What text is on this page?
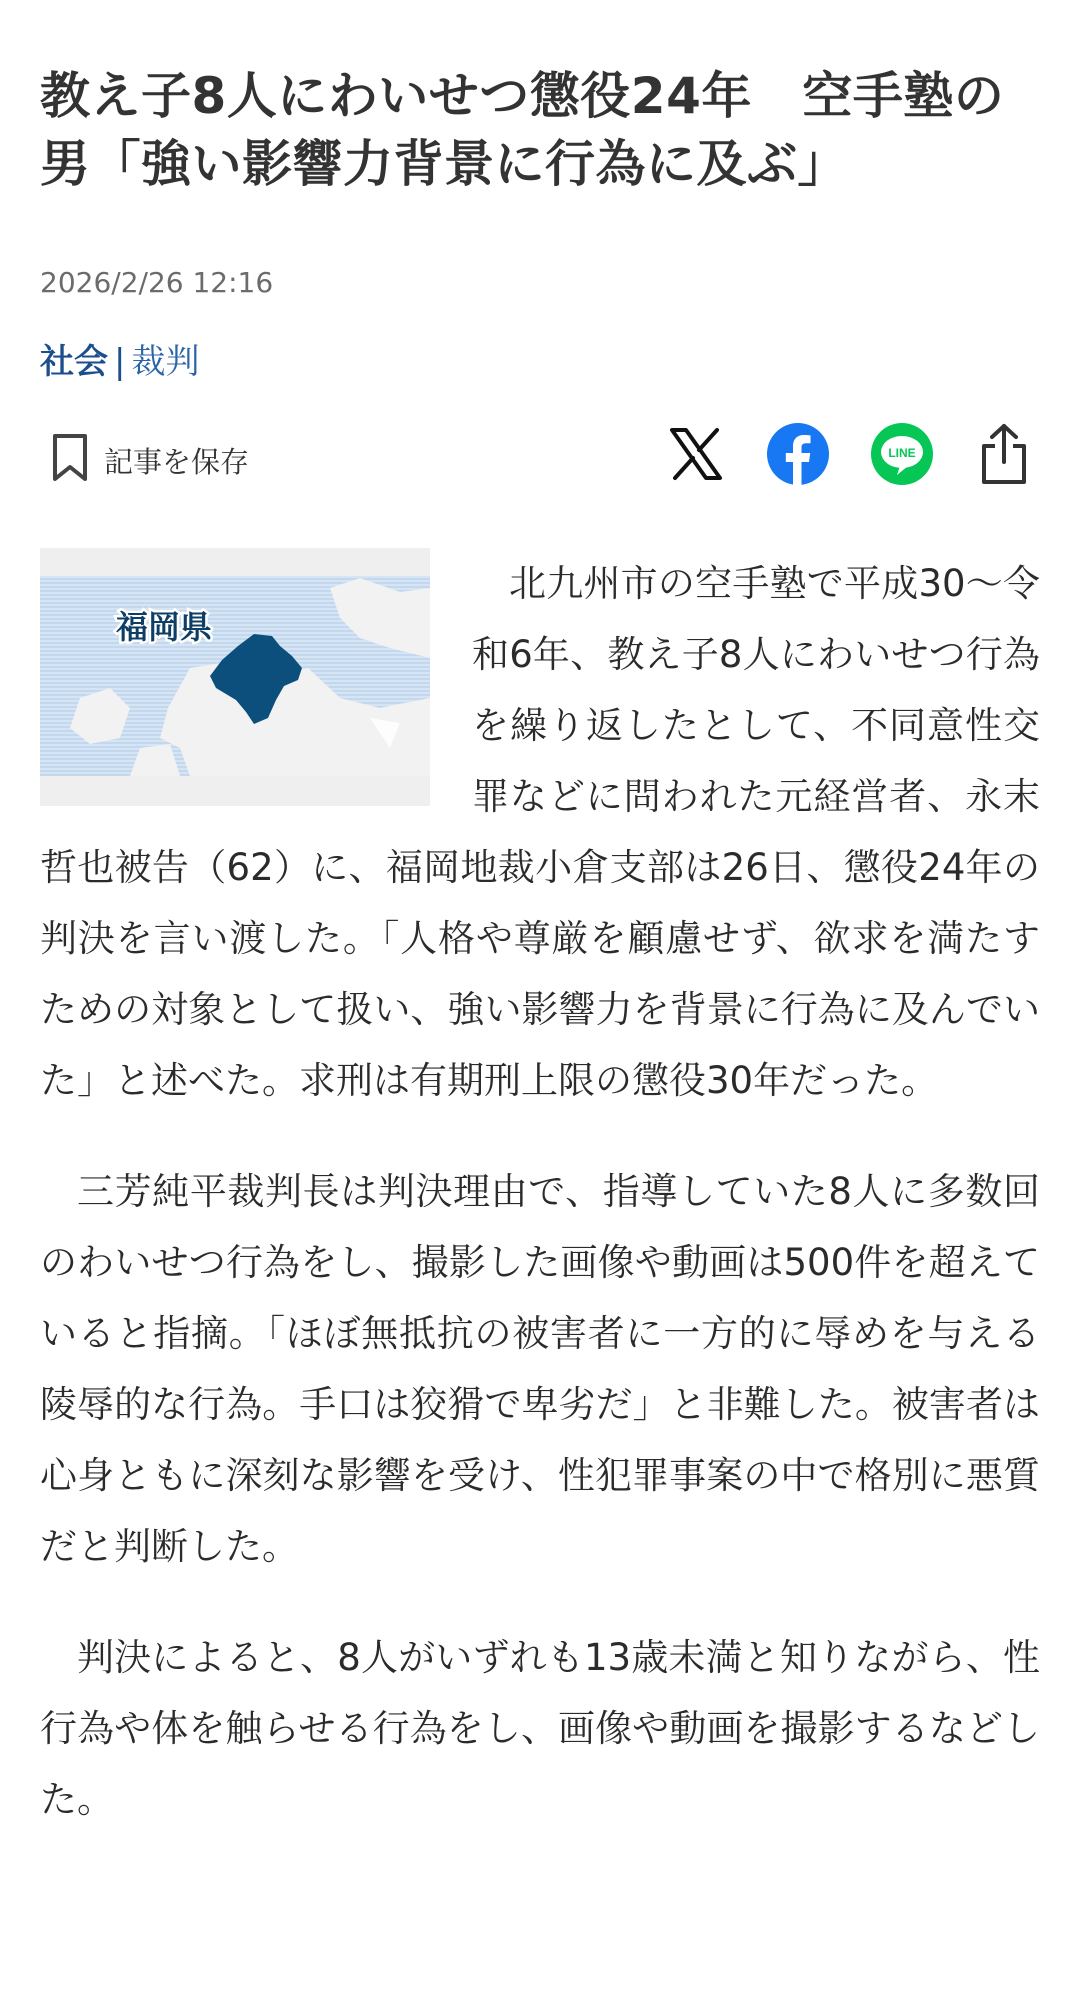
教え子8人にわいせつ懲役24年　空手塾の
男「強い影響力背景に行為に及ぶ」
2026/2/26 12:16
社会 | 裁判
記事を保存	LINE
福岡県

北九州市の空手塾で平成30～令和6年、教え子8人にわいせつ行為を繰り返したとして、不同意性交罪などに問われた元経営者、永末哲也被告（62）に、福岡地裁小倉支部は26日、懲役24年の判決を言い渡した。「人格や尊厳を顧慮せず、欲求を満たすための対象として扱い、強い影響力を背景に行為に及んでいた」と述べた。求刑は有期刑上限の懲役30年だった。

三芳純平裁判長は判決理由で、指導していた8人に多数回のわいせつ行為をし、撮影した画像や動画は500件を超えていると指摘。「ほぼ無抵抗の被害者に一方的に辱めを与える陵辱的な行為。手口は狡猾で卑劣だ」と非難した。被害者は心身ともに深刻な影響を受け、性犯罪事案の中で格別に悪質だと判断した。

判決によると、8人がいずれも13歳未満と知りながら、性行為や体を触らせる行為をし、画像や動画を撮影するなどした。
